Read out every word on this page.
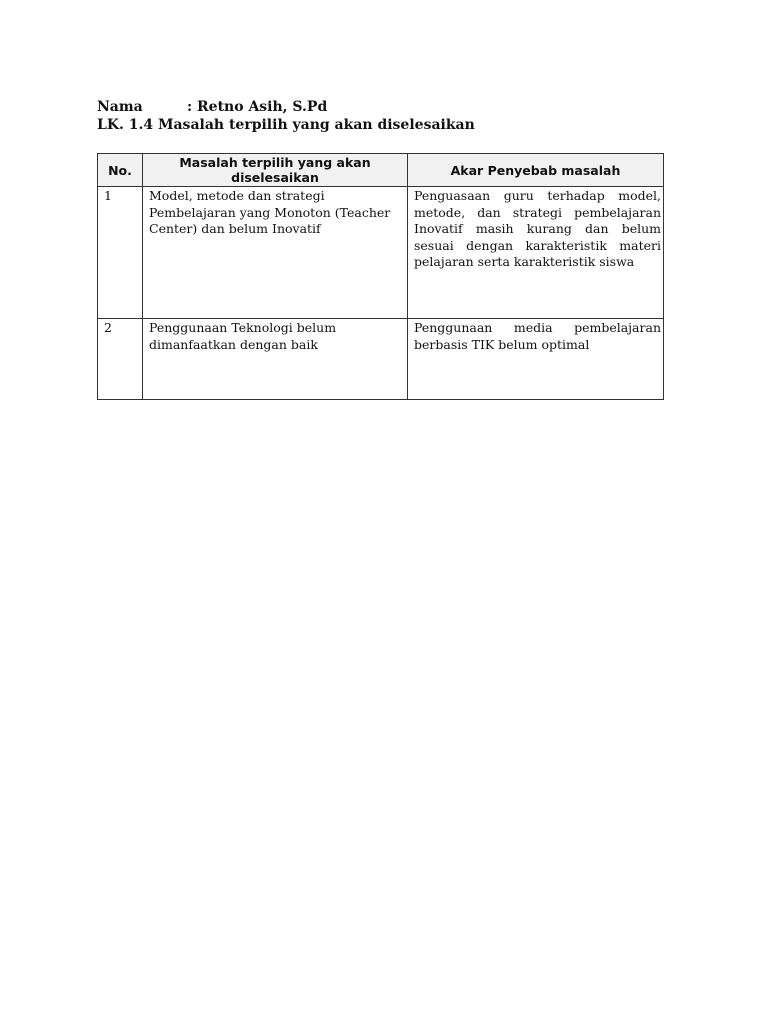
Nama	: Retno Asih, S.Pd
LK. 1.4 Masalah terpilih yang akan diselesaikan
No.	Masalah terpilih yang akan diselesaikan	Akar Penyebab masalah
1	Model, metode dan strategi Pembelajaran yang Monoton (Teacher Center) dan belum Inovatif	Penguasaan guru terhadap model, metode, dan strategi pembelajaran Inovatif masih kurang dan belum sesuai dengan karakteristik materi pelajaran serta karakteristik siswa
2	Penggunaan Teknologi belum dimanfaatkan dengan baik	Penggunaan media pembelajaran berbasis TIK belum optimal
